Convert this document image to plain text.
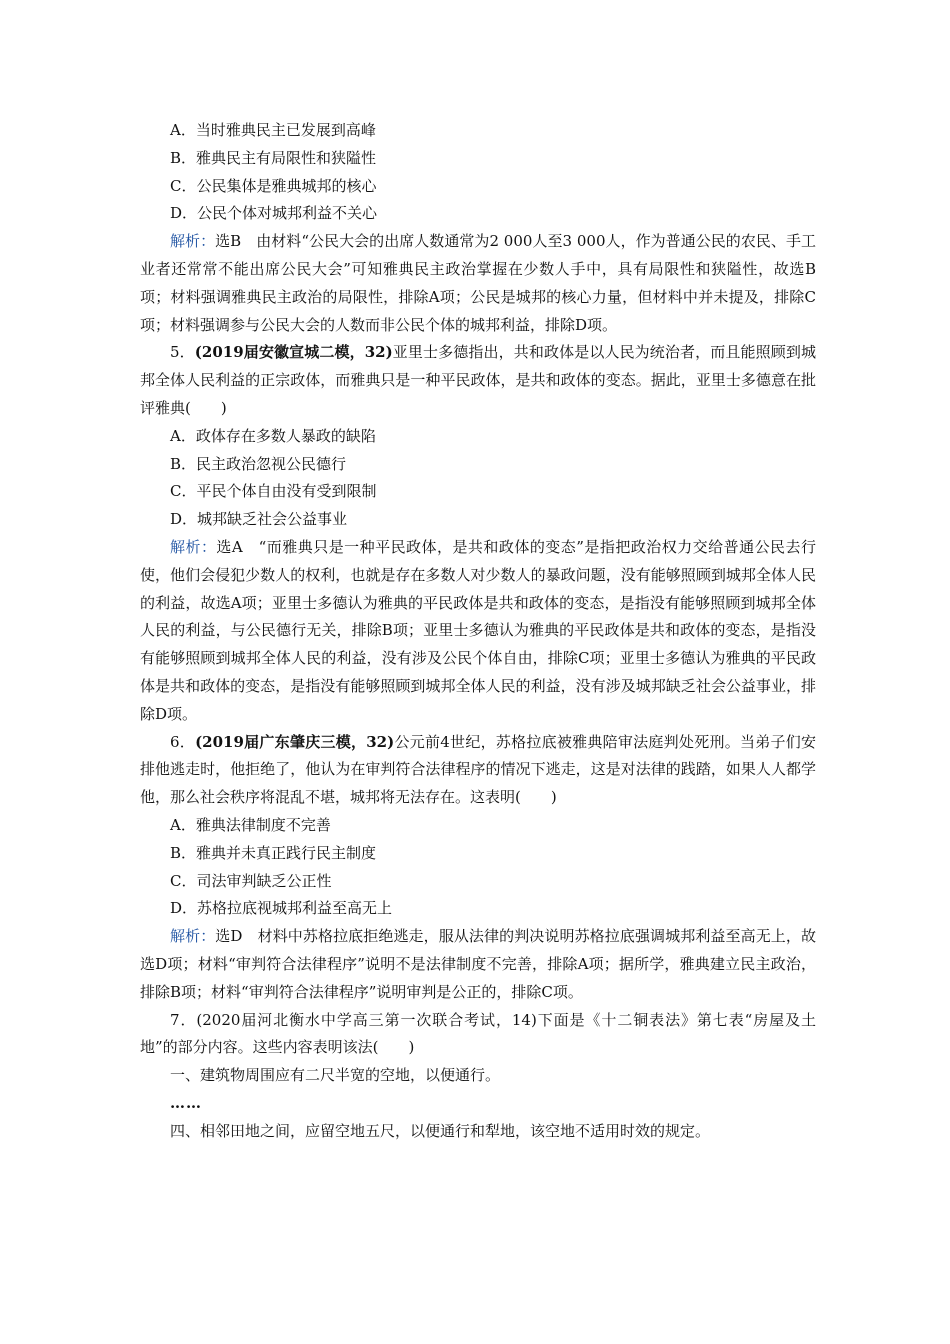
A．当时雅典民主已发展到高峰
B．雅典民主有局限性和狭隘性
C．公民集体是雅典城邦的核心
D．公民个体对城邦利益不关心
解析：选B　由材料“公民大会的出席人数通常为2 000人至3 000人，作为普通公民的农民、手工业者还常常不能出席公民大会”可知雅典民主政治掌握在少数人手中，具有局限性和狭隘性，故选B项；材料强调雅典民主政治的局限性，排除A项；公民是城邦的核心力量，但材料中并未提及，排除C项；材料强调参与公民大会的人数而非公民个体的城邦利益，排除D项。
5．(2019届安徽宣城二模，32)亚里士多德指出，共和政体是以人民为统治者，而且能照顾到城邦全体人民利益的正宗政体，而雅典只是一种平民政体，是共和政体的变态。据此，亚里士多德意在批评雅典(　　)
A．政体存在多数人暴政的缺陷
B．民主政治忽视公民德行
C．平民个体自由没有受到限制
D．城邦缺乏社会公益事业
解析：选A　“而雅典只是一种平民政体，是共和政体的变态”是指把政治权力交给普通公民去行使，他们会侵犯少数人的权利，也就是存在多数人对少数人的暴政问题，没有能够照顾到城邦全体人民的利益，故选A项；亚里士多德认为雅典的平民政体是共和政体的变态，是指没有能够照顾到城邦全体人民的利益，与公民德行无关，排除B项；亚里士多德认为雅典的平民政体是共和政体的变态，是指没有能够照顾到城邦全体人民的利益，没有涉及公民个体自由，排除C项；亚里士多德认为雅典的平民政体是共和政体的变态，是指没有能够照顾到城邦全体人民的利益，没有涉及城邦缺乏社会公益事业，排除D项。
6．(2019届广东肇庆三模，32)公元前4世纪，苏格拉底被雅典陪审法庭判处死刑。当弟子们安排他逃走时，他拒绝了，他认为在审判符合法律程序的情况下逃走，这是对法律的践踏，如果人人都学他，那么社会秩序将混乱不堪，城邦将无法存在。这表明(　　)
A．雅典法律制度不完善
B．雅典并未真正践行民主制度
C．司法审判缺乏公正性
D．苏格拉底视城邦利益至高无上
解析：选D　材料中苏格拉底拒绝逃走，服从法律的判决说明苏格拉底强调城邦利益至高无上，故选D项；材料“审判符合法律程序”说明不是法律制度不完善，排除A项；据所学，雅典建立民主政治，排除B项；材料“审判符合法律程序”说明审判是公正的，排除C项。
7．(2020届河北衡水中学高三第一次联合考试，14)下面是《十二铜表法》第七表“房屋及土地”的部分内容。这些内容表明该法(　　)
一、建筑物周围应有二尺半宽的空地，以便通行。
……
四、相邻田地之间，应留空地五尺，以便通行和犁地，该空地不适用时效的规定。
